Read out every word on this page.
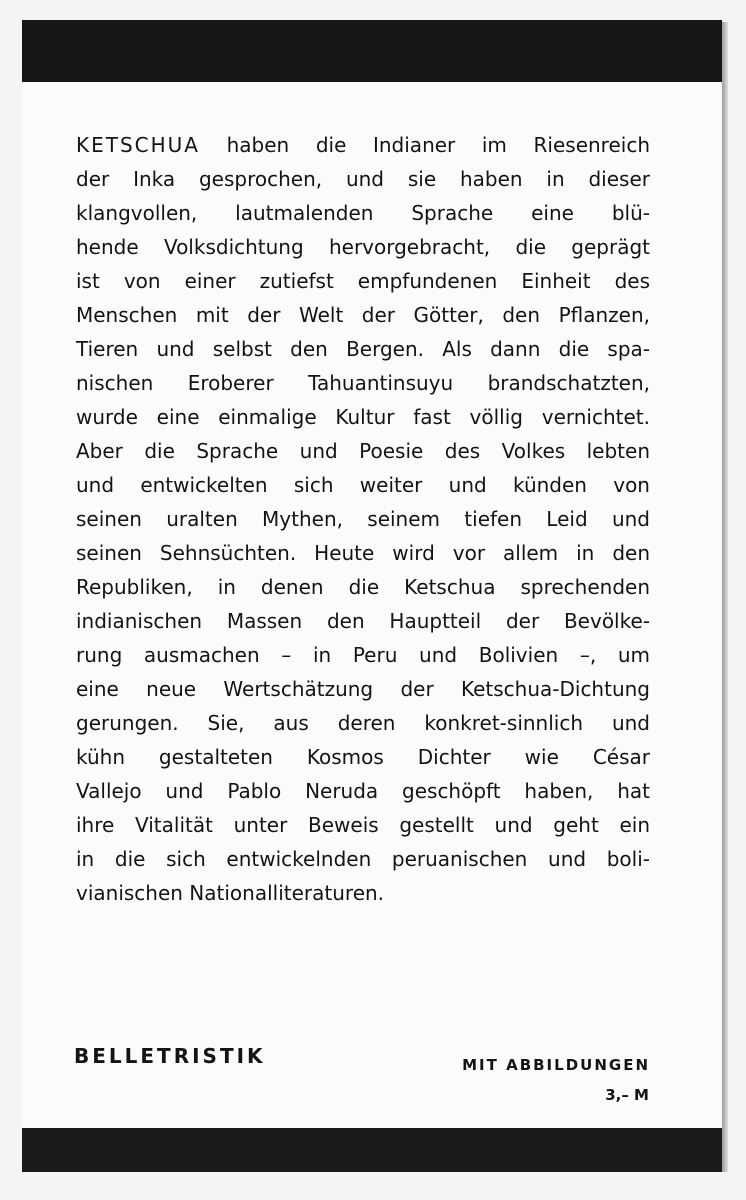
KETSCHUA haben die Indianer im Riesenreich
der Inka gesprochen, und sie haben in dieser
klangvollen, lautmalenden Sprache eine blü-
hende Volksdichtung hervorgebracht, die geprägt
ist von einer zutiefst empfundenen Einheit des
Menschen mit der Welt der Götter, den Pflanzen,
Tieren und selbst den Bergen. Als dann die spa-
nischen Eroberer Tahuantinsuyu brandschatzten,
wurde eine einmalige Kultur fast völlig vernichtet.
Aber die Sprache und Poesie des Volkes lebten
und entwickelten sich weiter und künden von
seinen uralten Mythen, seinem tiefen Leid und
seinen Sehnsüchten. Heute wird vor allem in den
Republiken, in denen die Ketschua sprechenden
indianischen Massen den Hauptteil der Bevölke-
rung ausmachen – in Peru und Bolivien –, um
eine neue Wertschätzung der Ketschua-Dichtung
gerungen. Sie, aus deren konkret-sinnlich und
kühn gestalteten Kosmos Dichter wie César
Vallejo und Pablo Neruda geschöpft haben, hat
ihre Vitalität unter Beweis gestellt und geht ein
in die sich entwickelnden peruanischen und boli-
vianischen Nationalliteraturen.

BELLETRISTIK	MIT ABBILDUNGEN

3,– M
